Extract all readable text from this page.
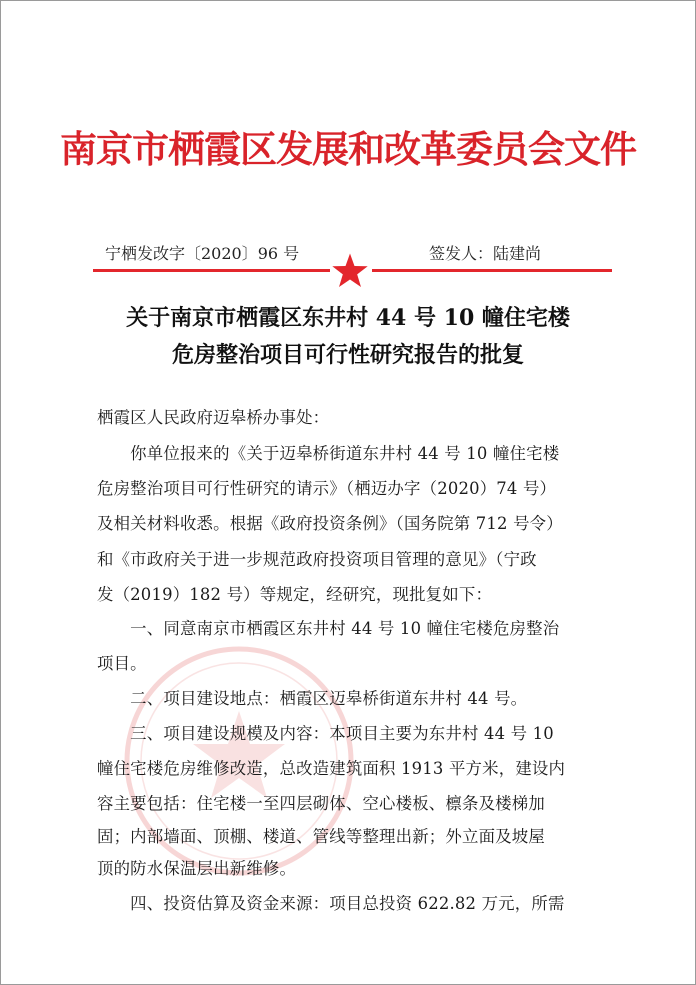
南京市栖霞区发展和改革委员会文件
宁栖发改字〔2020〕96 号	签发人：陆建尚
关于南京市栖霞区东井村 44 号 10 幢住宅楼
危房整治项目可行性研究报告的批复
栖霞区人民政府迈皋桥办事处：
　　你单位报来的《关于迈皋桥街道东井村 44 号 10 幢住宅楼
危房整治项目可行性研究的请示》（栖迈办字（2020）74 号）
及相关材料收悉。根据《政府投资条例》（国务院第 712 号令）
和《市政府关于进一步规范政府投资项目管理的意见》（宁政
发（2019）182 号）等规定，经研究，现批复如下：
　　一、同意南京市栖霞区东井村 44 号 10 幢住宅楼危房整治
项目。
　　二、项目建设地点：栖霞区迈皋桥街道东井村 44 号。
　　三、项目建设规模及内容：本项目主要为东井村 44 号 10
幢住宅楼危房维修改造，总改造建筑面积 1913 平方米，建设内
容主要包括：住宅楼一至四层砌体、空心楼板、檩条及楼梯加
固；内部墙面、顶棚、楼道、管线等整理出新；外立面及坡屋
顶的防水保温层出新维修。
　　四、投资估算及资金来源：项目总投资 622.82 万元，所需
